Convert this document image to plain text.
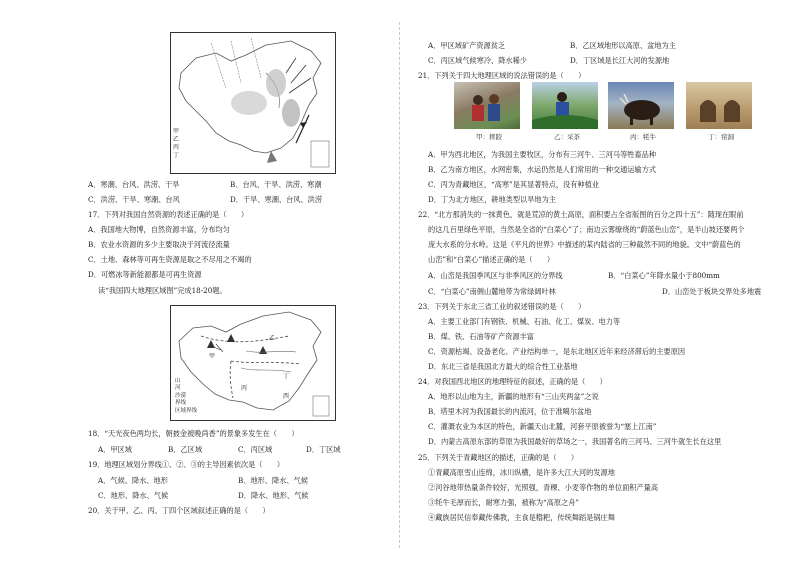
甲
乙
丙
丁
A．寒潮、台风、洪涝、干旱	B．台风、干旱、洪涝、寒潮
C．洪涝、干旱、寒潮、台风	D．干旱、寒潮、台风、洪涝
17．下列对我国自然资源的表述正确的是（　　）
A．我国地大物博，自然资源丰富，分布均匀
B．农业水资源的多少主要取决于河流径流量
C．土地、森林等可再生资源是取之不尽用之不竭的
D．可燃冰等新能源都是可再生资源
读“我国四大地理区域图”完成18-20题。
山
河
沙漠
界线
区域界线
甲
乙
丙
丁
西
18．“天光夜色两均长，朝披金被晚尚香”的景象多发生在（　　）
A．甲区域	B．乙区域	C．丙区域	D．丁区域
19．地理区域划分界线①、②、③的主导因素依次是（　　）
A．气候、降水、地形	B．地形、降水、气候
C．地形、降水、气候	D．降水、地形、气候
20．关于甲、乙、丙、丁四个区域叙述正确的是（　　）
A．甲区域矿产资源贫乏	B．乙区域地形以高原、盆地为主
C．丙区域气候寒冷、降水稀少	D．丁区域是长江大河的发源地
21．下列关于四大地理区域的说法错误的是（　　）
甲：摔跤	乙：采茶	丙：牦牛	丁：窑洞
A．甲为西北地区，为我国主要牧区，分布有三河牛、三河马等牲畜品种
B．乙为南方地区，水网密集，水运仍然是人们常用的一种交通运输方式
C．丙为青藏地区，“高寒”是其显著特点，没有种植业
D．丁为北方地区，耕地类型以旱地为主
22．“北方那消失的一抹黄色，就是荒凉的黄土高原，面积要占全省版图的百分之四十五”：随现在眼前
的这几百里绿色平原，当然是全省的“白菜心”了；南边云雾缭绕的“蔚蓝色山峦”，是半山坡还要两个
庞大水系的分水岭。这是《平凡的世界》中描述的某内陆省的三种截然不同的地貌。文中“蔚蓝色的
山峦”和“白菜心”描述正确的是（　　）
A．山峦是我国季风区与非季风区的分界线	B．“白菜心”年降水量小于800mm
C．“白菜心”南侧山麓地带为常绿阔叶林	D．山峦处于板块交界处多地震
23．下列关于东北三省工业的叙述错误的是（　　）
A．主要工业部门有钢铁、机械、石油、化工、煤炭、电力等
B．煤、铁、石油等矿产资源丰富
C．资源枯竭、设备老化、产业结构单一，是东北地区近年来经济滞后的主要原因
D．东北三省是我国北方最大的综合性工业基地
24．对我国西北地区的地理特征的叙述，正确的是（　　）
A．地形以山地为主，新疆的地形有“三山夹两盆”之说
B．塔里木河为我国最长的内流河，位于准噶尔盆地
C．灌溉农业为本区的特色，新疆天山北麓，河套平原被誉为“塞上江南”
D．内蒙古高原东部的草原为我国最好的草场之一，我国著名的三河马、三河牛就生长在这里
25．下列关于青藏地区的描述，正确的是（　　）
①青藏高原雪山连绵，冰川纵横，是许多大江大河的发源地
②河谷地带热量条件较好，光照强，青稞、小麦等作物的单位面积产量高
③牦牛毛厚而长，耐寒力强，被称为“高原之舟”
④藏族居民信奉藏传佛教，主食是糌粑，传统舞蹈是锅庄舞
